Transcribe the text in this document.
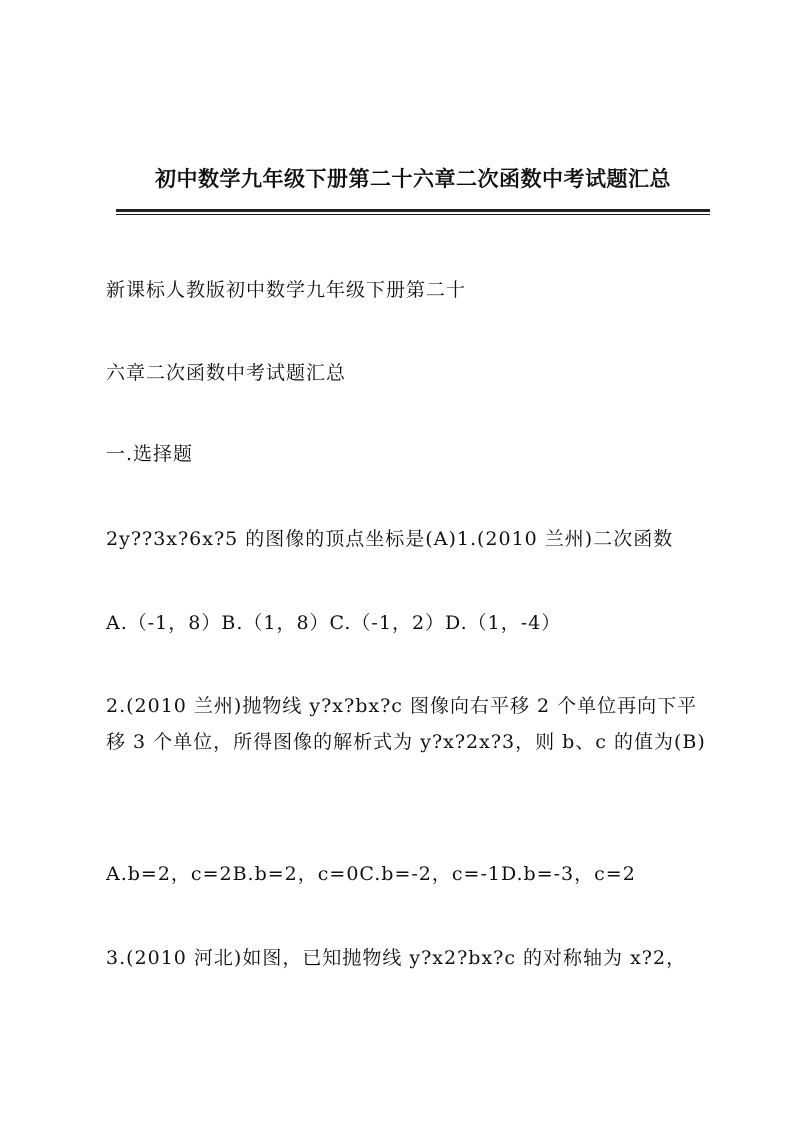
初中数学九年级下册第二十六章二次函数中考试题汇总
新课标人教版初中数学九年级下册第二十
六章二次函数中考试题汇总
一.选择题
2y??3x?6x?5 的图像的顶点坐标是(A)1.(2010 兰州)二次函数
A.（-1，8）B.（1，8）C.（-1，2）D.（1，-4）
2.(2010 兰州)抛物线 y?x?bx?c 图像向右平移 2 个单位再向下平移 3 个单位，所得图像的解析式为 y?x?2x?3，则 b、c 的值为(B)
A.b=2，c=2B.b=2，c=0C.b=-2，c=-1D.b=-3，c=2
3.(2010 河北)如图，已知抛物线 y?x2?bx?c 的对称轴为 x?2，
